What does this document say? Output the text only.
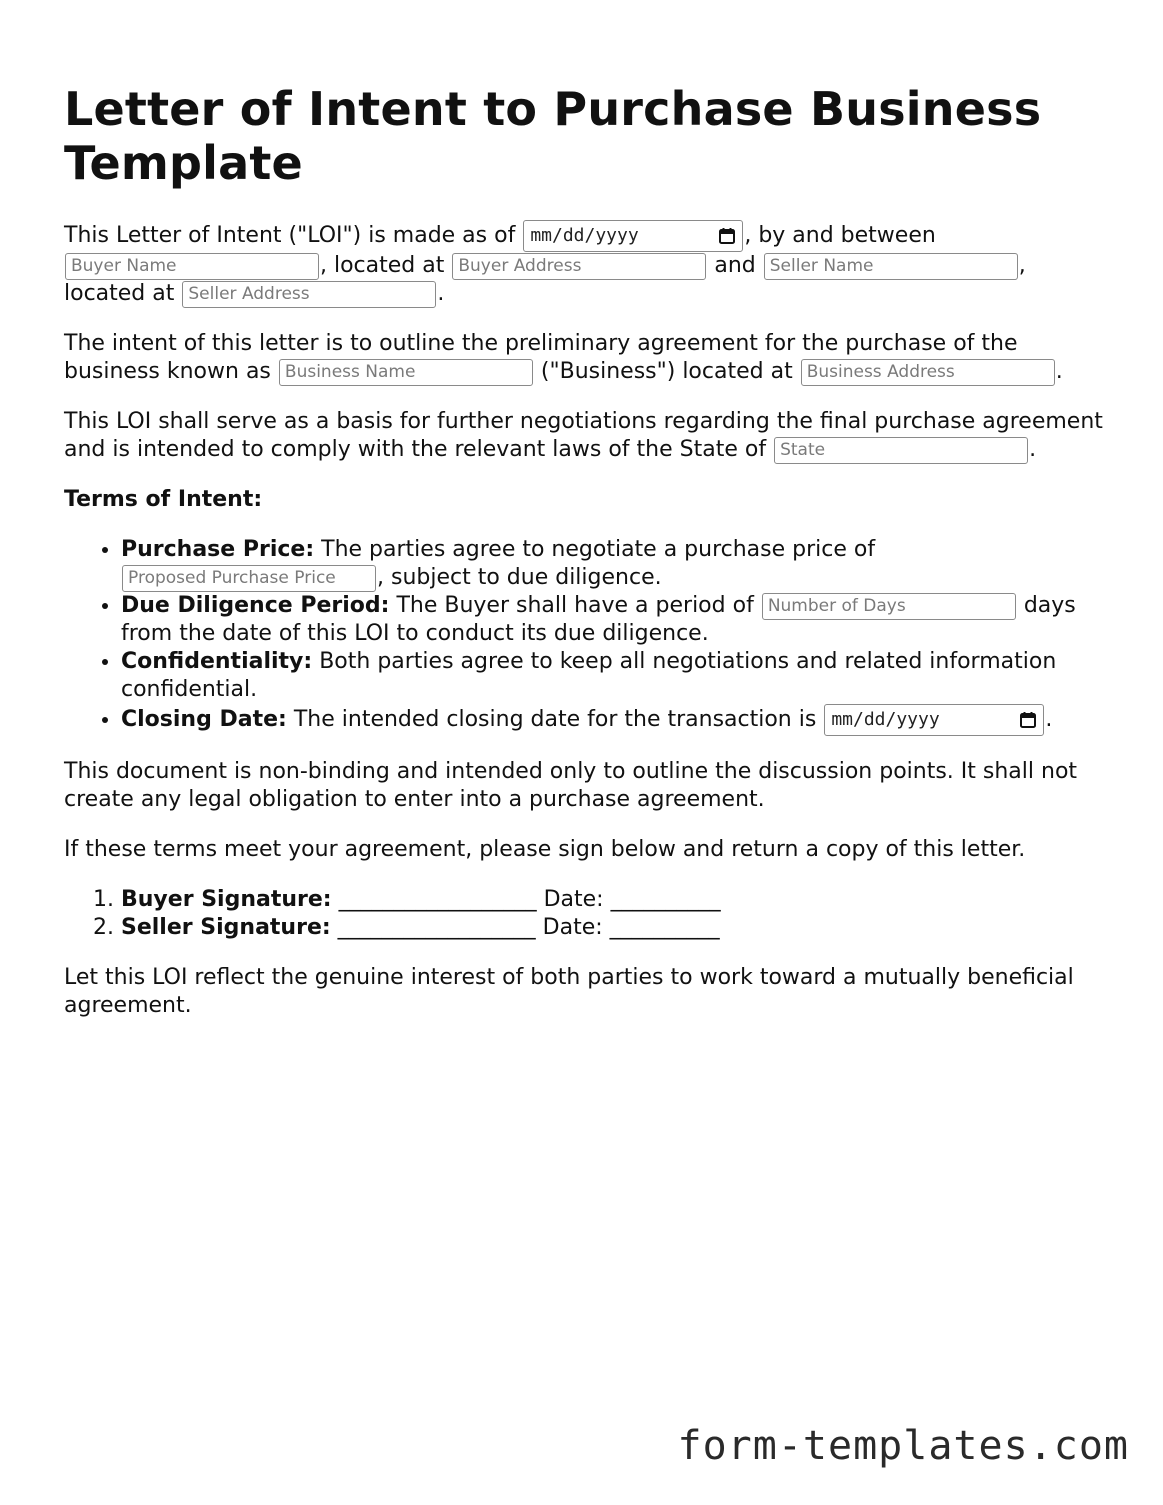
Letter of Intent to Purchase Business Template

This Letter of Intent ("LOI") is made as of mm/dd/yyyy	, by and between Buyer Name, located at Buyer Address	and Seller Name	, located at Seller Address	.

The intent of this letter is to outline the preliminary agreement for the purchase of the business known as Business Name	("Business") located at Business Address	.

This LOI shall serve as a basis for further negotiations regarding the final purchase agreement and is intended to comply with the relevant laws of the State of State	.

Terms of Intent:

• Purchase Price: The parties agree to negotiate a purchase price of Proposed Purchase Price, subject to due diligence.
• Due Diligence Period: The Buyer shall have a period of Number of Days	days from the date of this LOI to conduct its due diligence.
• Confidentiality: Both parties agree to keep all negotiations and related information confidential.
• Closing Date: The intended closing date for the transaction is mm/dd/yyyy	.

This document is non-binding and intended only to outline the discussion points. It shall not create any legal obligation to enter into a purchase agreement.

If these terms meet your agreement, please sign below and return a copy of this letter.

1. Buyer Signature: __________________ Date: __________
2. Seller Signature: __________________ Date: __________

Let this LOI reflect the genuine interest of both parties to work toward a mutually beneficial agreement.

form-templates.com
